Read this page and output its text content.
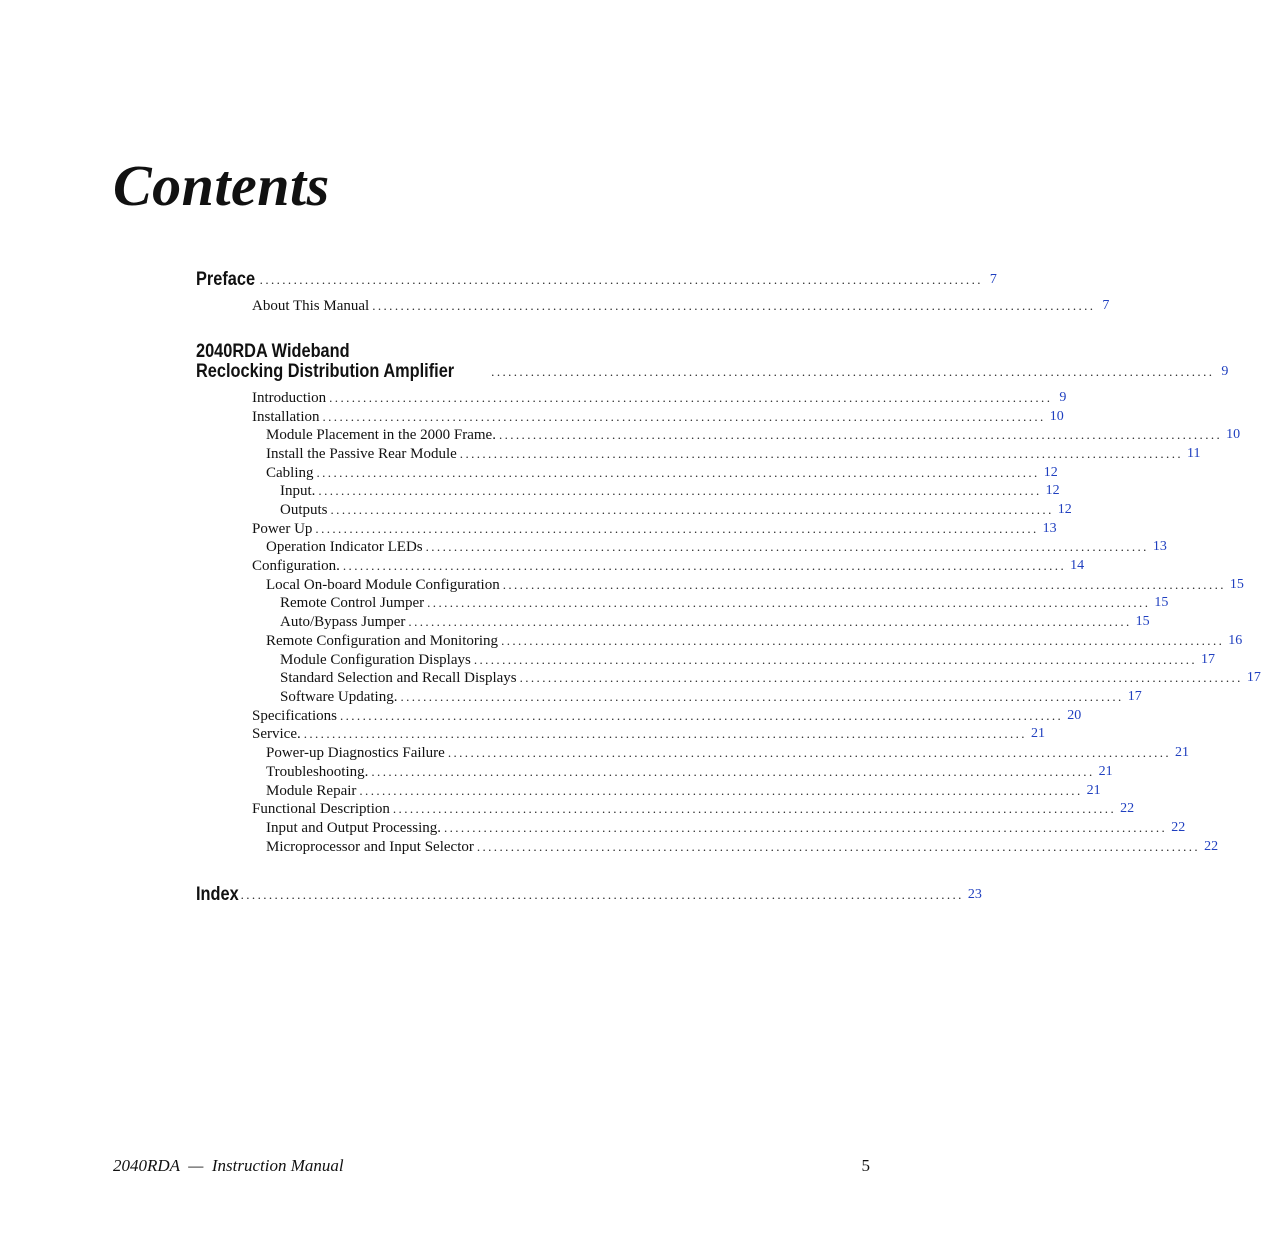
Contents
Preface ................................................................................................................................ 7
About This Manual ................................................................................................................................ 7
2040RDA Wideband
Reclocking Distribution Amplifier	................................................................................................................................ 9
Introduction ................................................................................................................................ 9
Installation ................................................................................................................................ 10
Module Placement in the 2000 Frame. ................................................................................................................................ 10
Install the Passive Rear Module ................................................................................................................................ 11
Cabling ................................................................................................................................ 12
Input. ................................................................................................................................ 12
Outputs ................................................................................................................................ 12
Power Up ................................................................................................................................ 13
Operation Indicator LEDs ................................................................................................................................ 13
Configuration. ................................................................................................................................ 14
Local On-board Module Configuration ................................................................................................................................ 15
Remote Control Jumper ................................................................................................................................ 15
Auto/Bypass Jumper ................................................................................................................................ 15
Remote Configuration and Monitoring ................................................................................................................................ 16
Module Configuration Displays ................................................................................................................................ 17
Standard Selection and Recall Displays ................................................................................................................................ 17
Software Updating. ................................................................................................................................ 17
Specifications ................................................................................................................................ 20
Service. ................................................................................................................................ 21
Power-up Diagnostics Failure ................................................................................................................................ 21
Troubleshooting. ................................................................................................................................ 21
Module Repair ................................................................................................................................ 21
Functional Description ................................................................................................................................ 22
Input and Output Processing. ................................................................................................................................ 22
Microprocessor and Input Selector ................................................................................................................................ 22
Index ................................................................................................................................ 23
2040RDA  —  Instruction Manual	5
